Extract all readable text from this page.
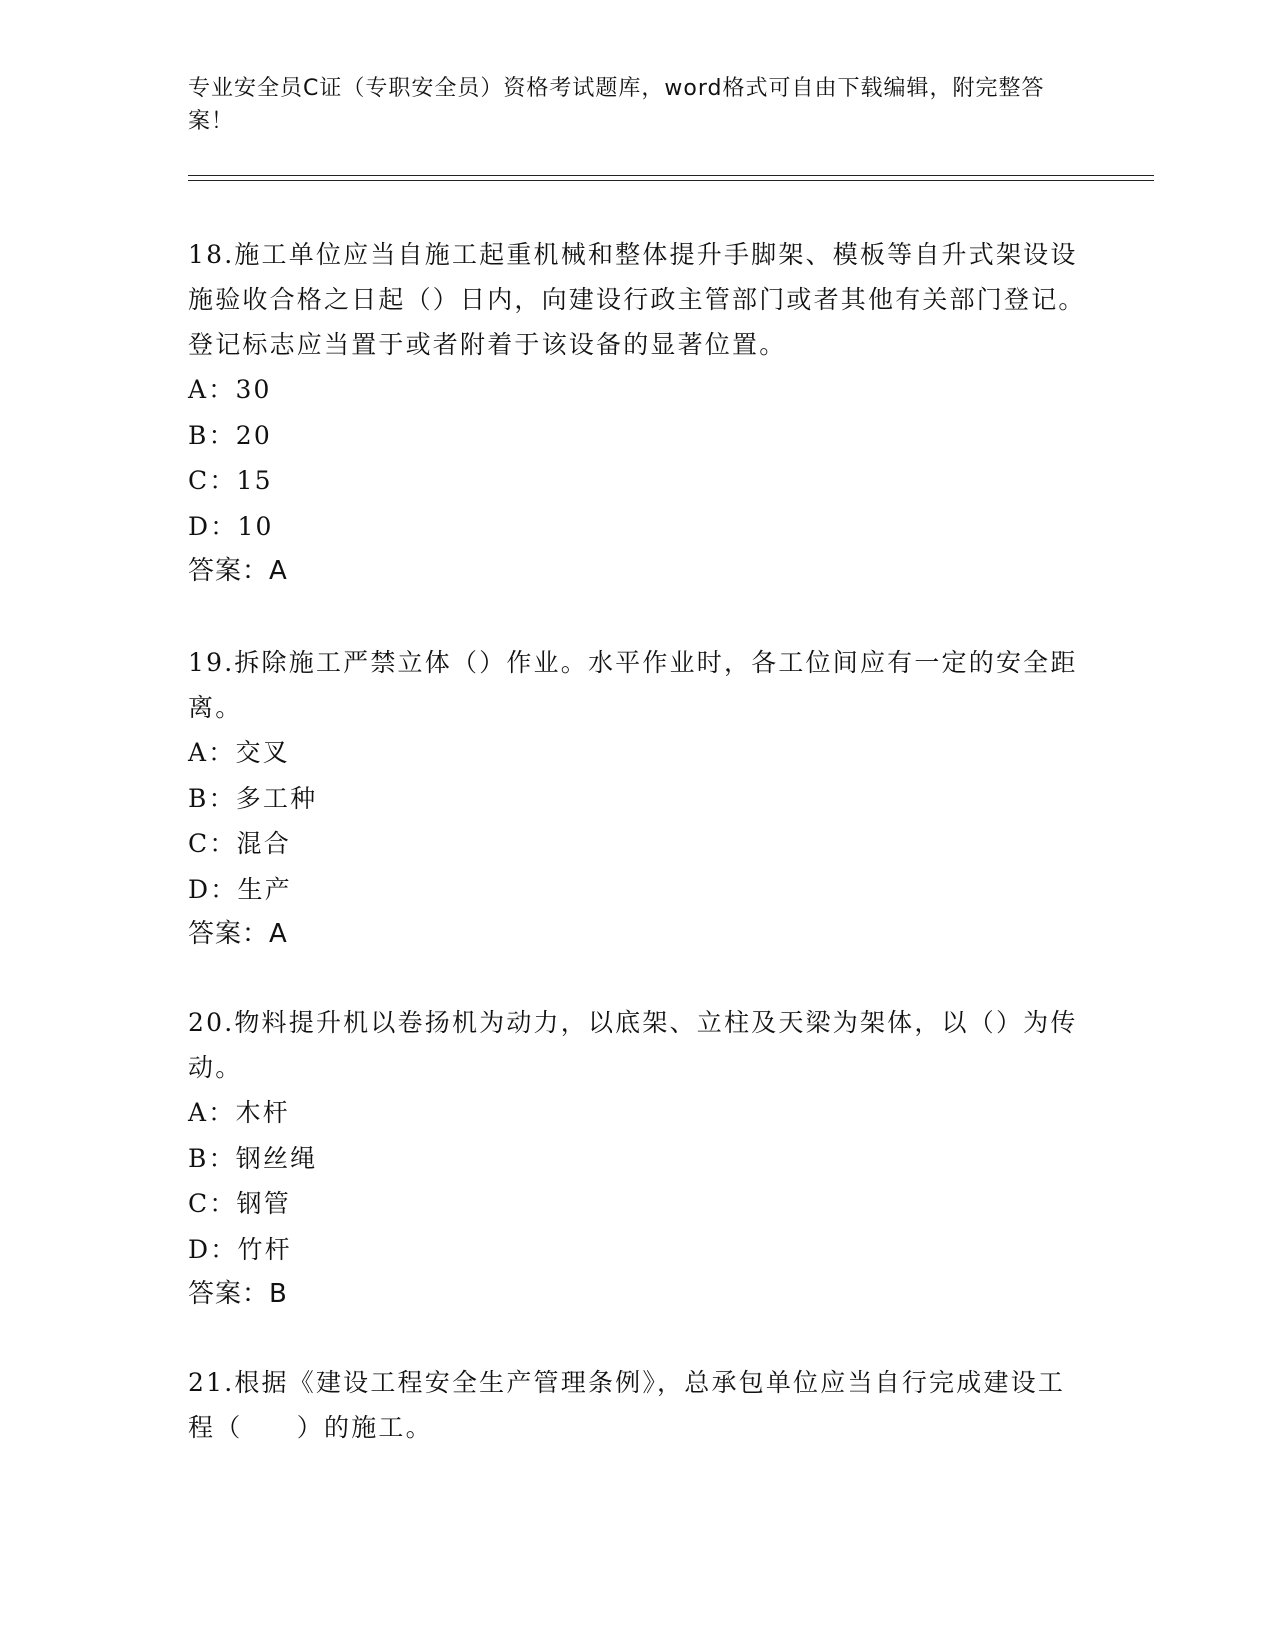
专业安全员C证（专职安全员）资格考试题库，word格式可自由下载编辑，附完整答案！
18.施工单位应当自施工起重机械和整体提升手脚架、模板等自升式架设设施验收合格之日起（）日内，向建设行政主管部门或者其他有关部门登记。登记标志应当置于或者附着于该设备的显著位置。
A：30
B：20
C：15
D：10
答案：A
19.拆除施工严禁立体（）作业。水平作业时，各工位间应有一定的安全距离。
A：交叉
B：多工种
C：混合
D：生产
答案：A
20.物料提升机以卷扬机为动力，以底架、立柱及天梁为架体，以（）为传动。
A：木杆
B：钢丝绳
C：钢管
D：竹杆
答案：B
21.根据《建设工程安全生产管理条例》，总承包单位应当自行完成建设工程（　　）的施工。
